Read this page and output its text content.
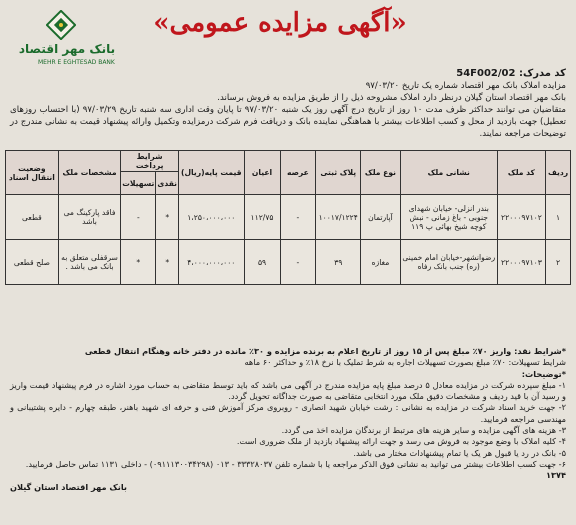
«آگهی مزایده عمومی»
بانک مهر اقتصاد
MEHR E EGHTESAD BANK
کد مدرک: 54F002/02
مزایده املاک بانک مهر اقتصاد شماره یک تاریخ ۹۷/۰۳/۲۰
بانک مهر اقتصاد استان گیلان درنظر دارد املاک مشروحه ذیل را از طریق مزایده به فروش برساند.
متقاضیان می توانند حداکثر ظرف مدت ۱۰ روز از تاریخ درج آگهی روز یک شنبه ۹۷/۰۳/۲۰ تا پایان وقت اداری سه شنبه تاریخ ۹۷/۰۳/۲۹ (با احتساب روزهای تعطیل) جهت بازدید از محل و کسب اطلاعات بیشتر با هماهنگی نماینده بانک و دریافت فرم شرکت درمزایده وتکمیل وارائه پیشنهاد قیمت به نشانی مندرج در توضیحات مراجعه نمایند.
ردیف	کد ملک	نشانی ملک	نوع ملک	پلاک ثبتی	عرصه	اعیان	قیمت پایه(ریال)	شرایط پرداخت		مشخصات ملک	وضعیت انتقال اسناد
								نقدی	تسهیلات		
۱	۲۲۰۰۰۹۷۱۰۲	بندر انزلی- خیابان شهدای جنوبی - باغ زمانی - نبش کوچه شیخ بهائی پ ۱۱۹	آپارتمان	۱۰۰۱۷/۱۲۲۴	-	۱۱۲/۷۵	۱،۲۵۰،۰۰۰،۰۰۰	*	-	فاقد پارکینگ می باشد	قطعی
۲	۲۲۰۰۰۹۷۱۰۳	رضوانشهر-خیابان امام خمینی (ره) جنب بانک رفاه	مغازه	۳۹	-	۵۹	۴،۰۰۰،۰۰۰،۰۰۰	*	*	سرقفلی متعلق به بانک می باشد .	صلح قطعی

*شرایط نقد: واریز ۷۰٪ مبلغ پس از ۱۵ روز از تاریخ اعلام به برنده مزایده و ۳۰٪ مانده در دفتر خانه وهنگام انتقال قطعی

شرایط تسهیلات: ۷۰٪ مبلغ بصورت تسهیلات اجاره به شرط تملیک با نرخ ۱۸٪ و حداکثر ۶۰ ماهه

*توضیحات:

۱- مبلغ سپرده شرکت در مزایده معادل ۵ درصد مبلغ پایه مزایده مندرج در آگهی می باشد که باید توسط متقاضی به حساب مورد اشاره در فرم پیشنهاد قیمت واریز و رسید آن با قید ردیف و مشخصات دقیق ملک مورد انتخابی متقاضی به صورت جداگانه تحویل گردد.

۲- جهت خرید اسناد شرکت در مزایده به نشانی : رشت خیابان شهید انصاری - روبروی مرکز آموزش فنی و حرفه ای شهید باهنر، طبقه چهارم - دایره پشتیبانی و مهندسی مراجعه فرمایید.

۳- هزینه های آگهی مزایده و سایر هزینه های مرتبط از برندگان مزایده اخذ می گردد.

۴- کلیه املاک با وضع موجود به فروش می رسد و جهت ارائه پیشنهاد بازدید از ملک ضروری است.

۵- بانک در رد یا قبول هر یک یا تمام پیشنهادات مختار می باشد.

۶- جهت کسب اطلاعات بیشتر می توانید به نشانی فوق الذکر مراجعه یا با شماره تلفن ۳۳۳۲۸۰۳۷ - ۰۱۳ (۰۹۱۱۱۳۰۰۳۴۲۹۸) - داخلی ۱۱۳۱ تماس حاصل فرمایید.

۱۳۷۴

بانک مهر اقتصاد استان گیلان
